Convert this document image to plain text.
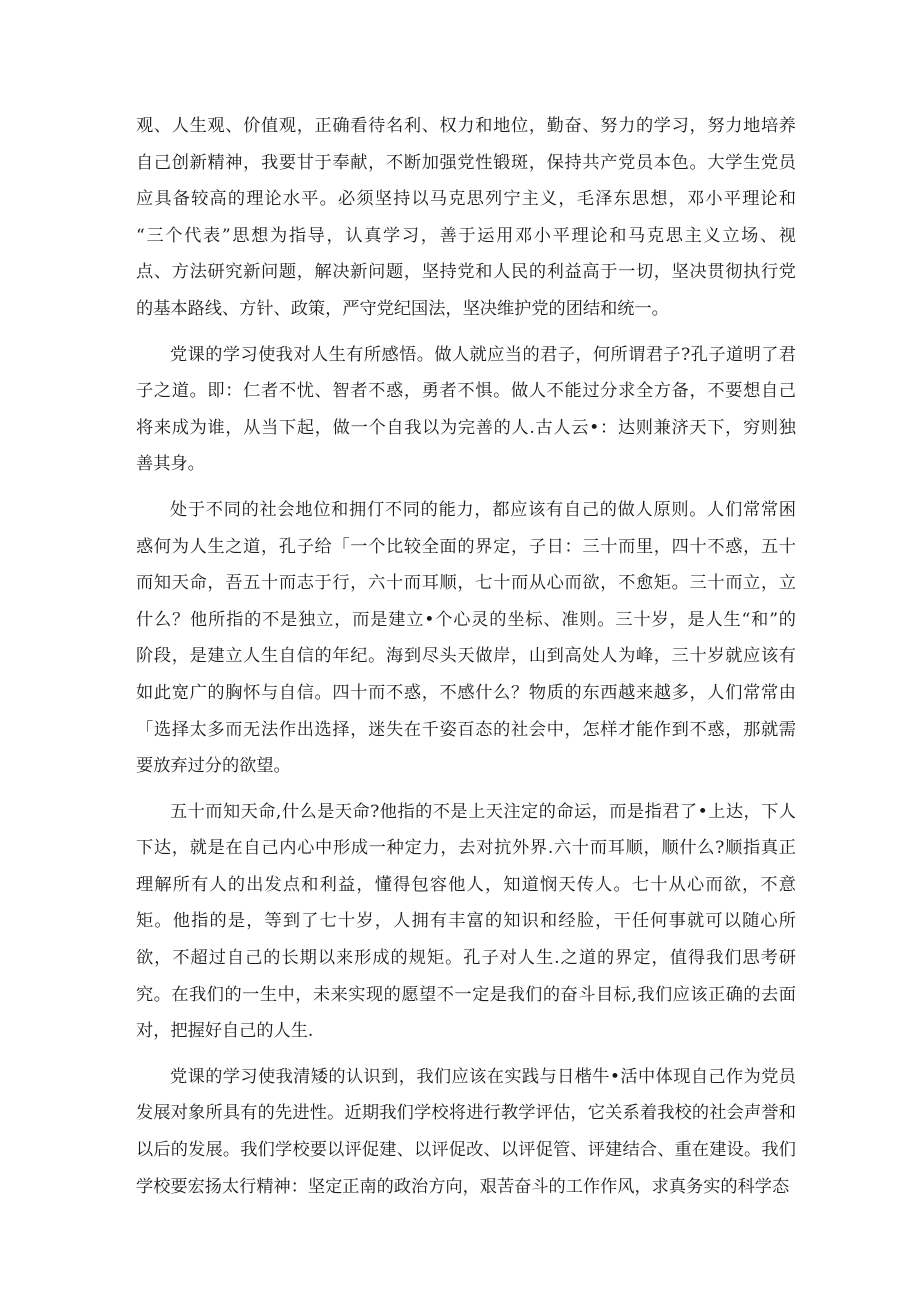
观、人生观、价值观，正确看待名利、权力和地位，勤奋、努力的学习，努力地培养
自己创新精神，我要甘于奉献，不断加强党性锻斑，保持共产党员本色。大学生党员
应具备较高的理论水平。必须坚持以马克思列宁主义，毛泽东思想，邓小平理论和
“三个代表”思想为指导，认真学习，善于运用邓小平理论和马克思主义立场、视
点、方法研究新问题，解决新问题，坚持党和人民的利益高于一切，坚决贯彻执行党
的基本路线、方针、政策，严守党纪国法，坚决维护党的团结和统一。
党课的学习使我对人生有所感悟。做人就应当的君子，何所谓君子?孔子道明了君
子之道。即：仁者不忧、智者不惑，勇者不惧。做人不能过分求全方备，不要想自己
将来成为谁，从当下起，做一个自我以为完善的人.古人云•：达则兼济天下，穷则独
善其身。
处于不同的社会地位和拥仃不同的能力，都应该有自己的做人原则。人们常常困
惑何为人生之道，孔子给「一个比较全面的界定，子日：三十而里，四十不惑，五十
而知天命，吾五十而志于行，六十而耳顺，七十而从心而欲，不愈矩。三十而立，立
什么？他所指的不是独立，而是建立•个心灵的坐标、准则。三十岁，是人生“和”的
阶段，是建立人生自信的年纪。海到尽头天做岸，山到高处人为峰，三十岁就应该有
如此宽广的胸怀与自信。四十而不惑，不感什么？物质的东西越来越多，人们常常由
「选择太多而无法作出选择，迷失在千姿百态的社会中，怎样才能作到不惑，那就需
要放弃过分的欲望。
五十而知天命,什么是天命?他指的不是上天注定的命运，而是指君了•上达，下人
下达，就是在自己内心中形成一种定力，去对抗外界.六十而耳顺，顺什么?顺指真正
理解所有人的出发点和利益，懂得包容他人，知道悯天传人。七十从心而欲，不意
矩。他指的是，等到了七十岁，人拥有丰富的知识和经脸，干任何事就可以随心所
欲，不超过自己的长期以来形成的规矩。孔子对人生.之道的界定，值得我们思考研
究。在我们的一生中，未来实现的愿望不一定是我们的奋斗目标,我们应该正确的去面
对，把握好自己的人生.
党课的学习使我清矮的认识到，我们应该在实践与日楷牛•活中体现自己作为党员
发展对象所具有的先进性。近期我们学校将进行教学评估，它关系着我校的社会声誉和
以后的发展。我们学校要以评促建、以评促改、以评促管、评建结合、重在建设。我们
学校要宏扬太行精神：坚定正南的政治方向，艰苦奋斗的工作作风，求真务实的科学态
